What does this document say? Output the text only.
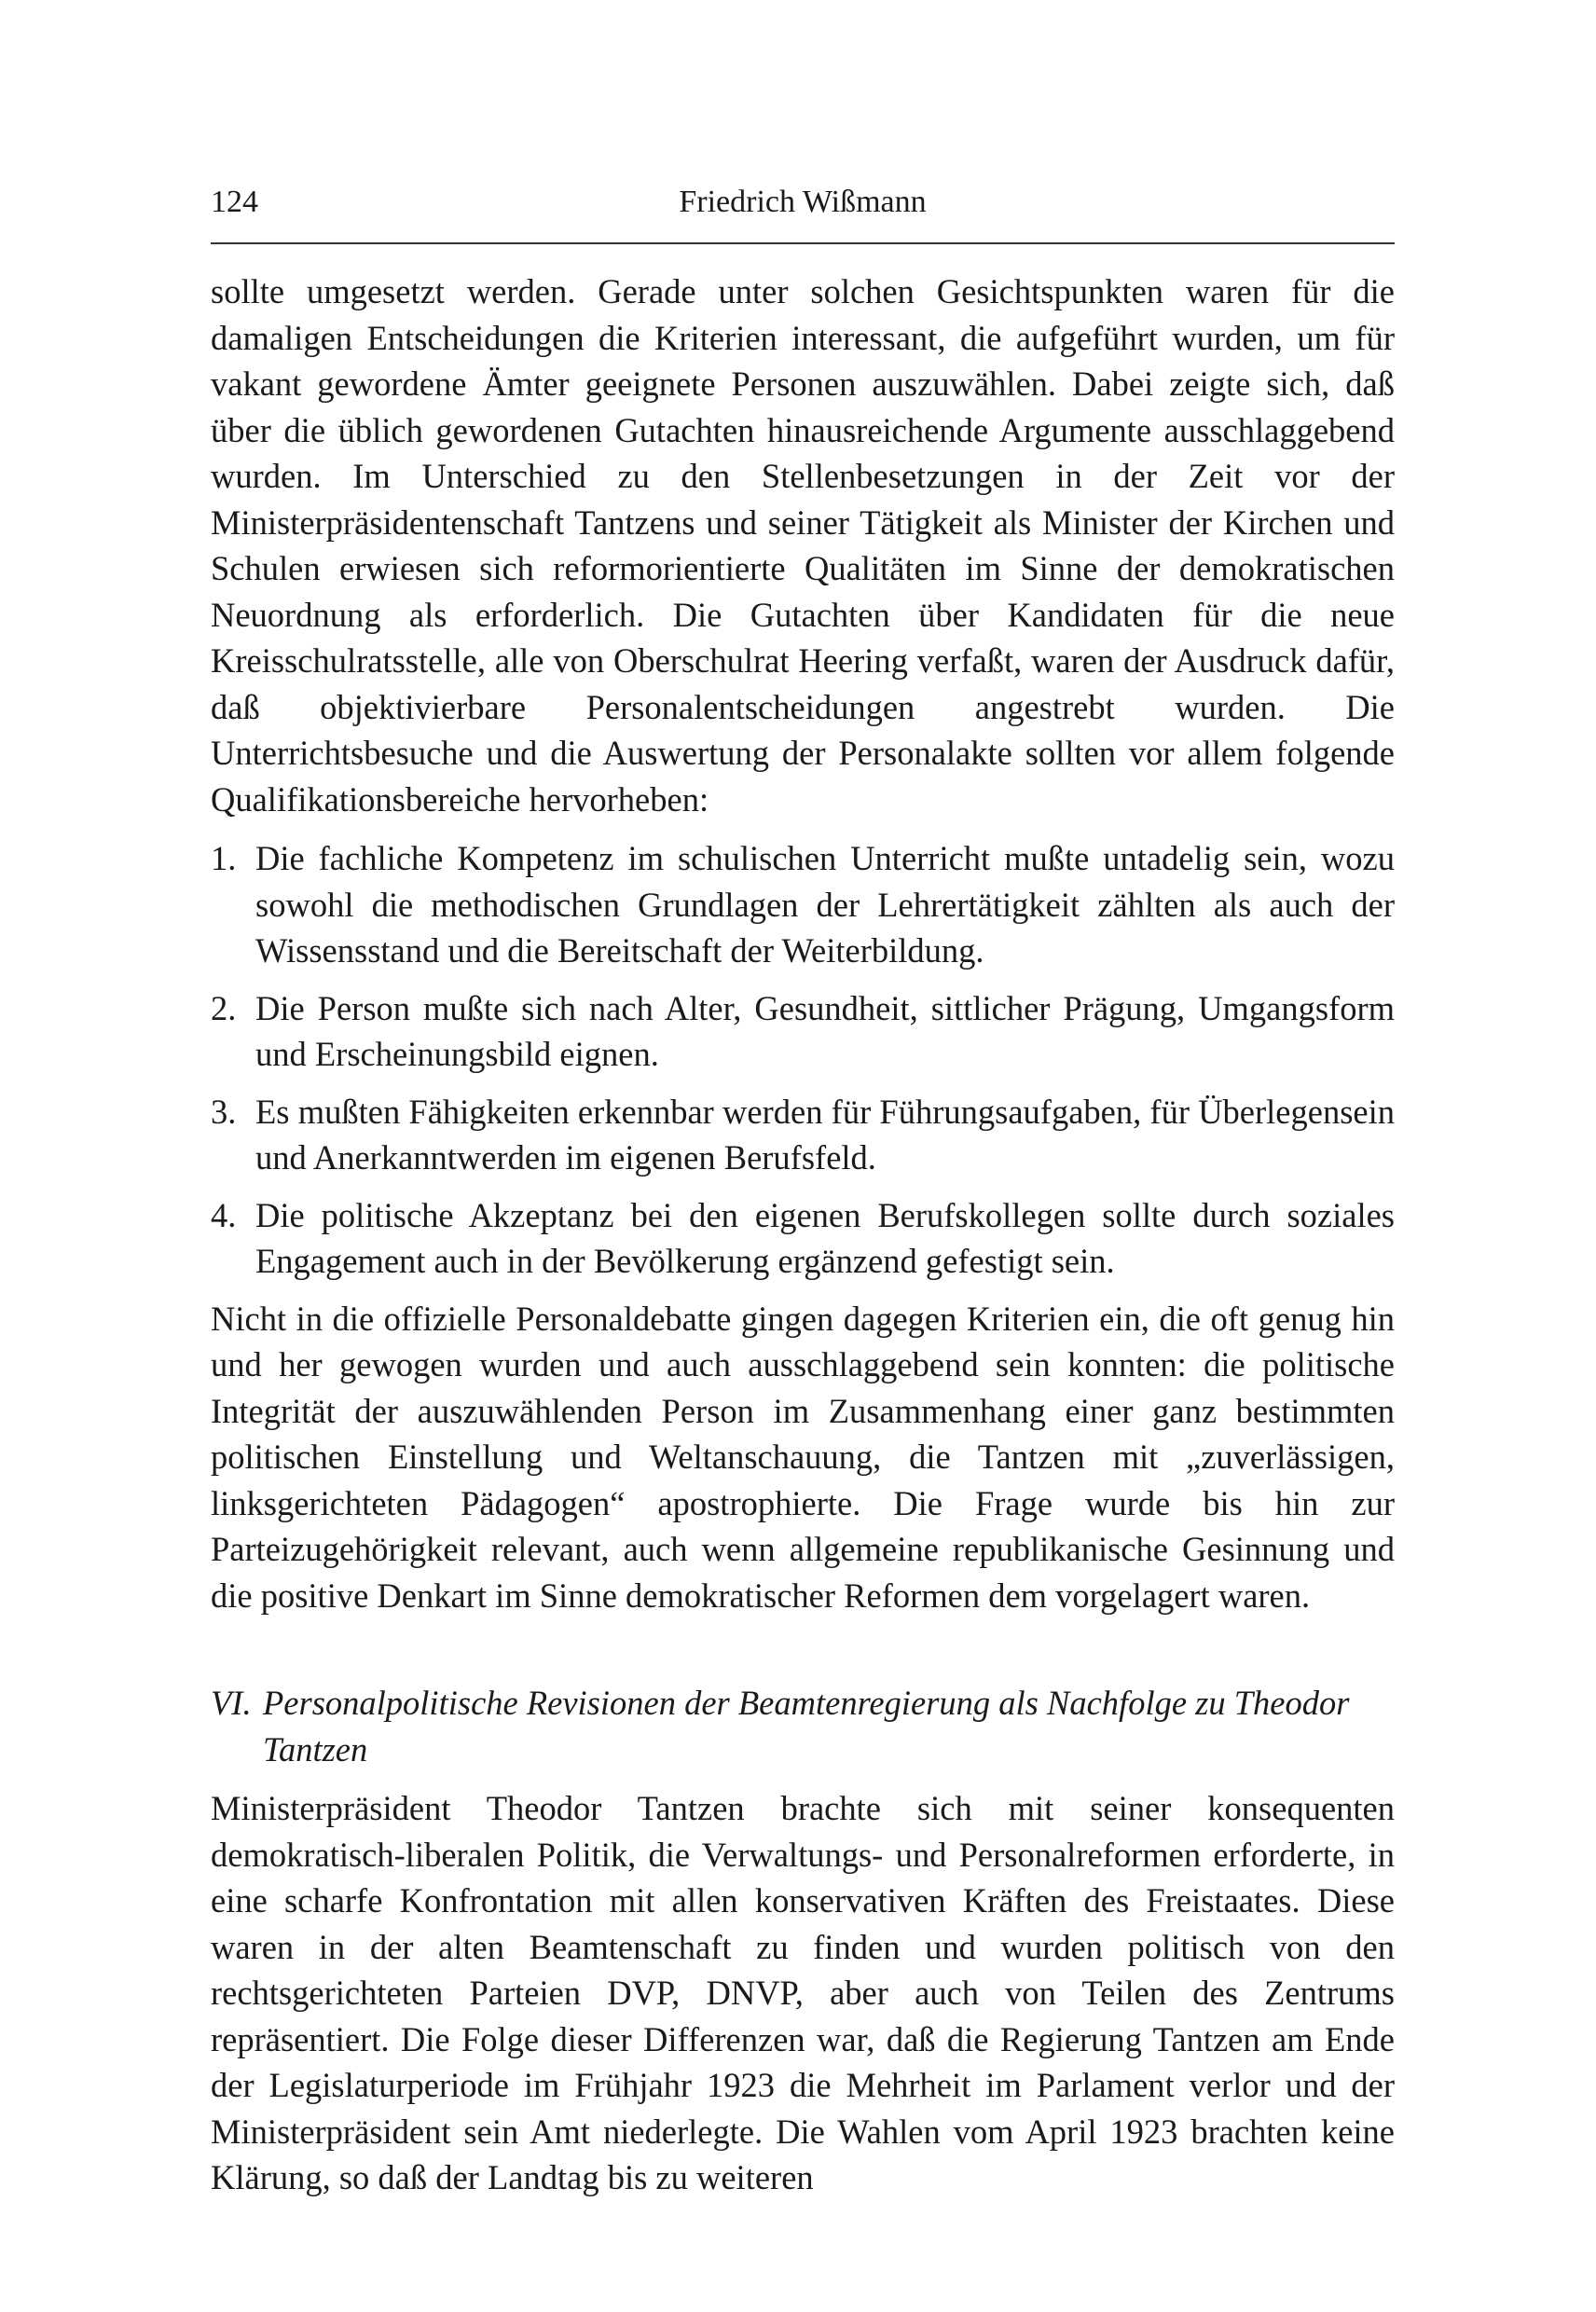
124	Friedrich Wißmann

sollte umgesetzt werden. Gerade unter solchen Gesichtspunkten waren für die damaligen Entscheidungen die Kriterien interessant, die aufgeführt wurden, um für vakant gewordene Ämter geeignete Personen auszuwählen. Dabei zeigte sich, daß über die üblich gewordenen Gutachten hinausreichende Argumente ausschlaggebend wurden. Im Unterschied zu den Stellenbesetzungen in der Zeit vor der Ministerpräsidentenschaft Tantzens und seiner Tätigkeit als Minister der Kirchen und Schulen erwiesen sich reformorientierte Qualitäten im Sinne der demokratischen Neuordnung als erforderlich. Die Gutachten über Kandidaten für die neue Kreisschulratsstelle, alle von Oberschulrat Heering verfaßt, waren der Ausdruck dafür, daß objektivierbare Personalentscheidungen angestrebt wurden. Die Unterrichtsbesuche und die Auswertung der Personalakte sollten vor allem folgende Qualifikationsbereiche hervorheben:

1. Die fachliche Kompetenz im schulischen Unterricht mußte untadelig sein, wozu sowohl die methodischen Grundlagen der Lehrertätigkeit zählten als auch der Wissensstand und die Bereitschaft der Weiterbildung.
2. Die Person mußte sich nach Alter, Gesundheit, sittlicher Prägung, Umgangsform und Erscheinungsbild eignen.
3. Es mußten Fähigkeiten erkennbar werden für Führungsaufgaben, für Überlegensein und Anerkanntwerden im eigenen Berufsfeld.
4. Die politische Akzeptanz bei den eigenen Berufskollegen sollte durch soziales Engagement auch in der Bevölkerung ergänzend gefestigt sein.

Nicht in die offizielle Personaldebatte gingen dagegen Kriterien ein, die oft genug hin und her gewogen wurden und auch ausschlaggebend sein konnten: die politische Integrität der auszuwählenden Person im Zusammenhang einer ganz bestimmten politischen Einstellung und Weltanschauung, die Tantzen mit „zuverlässigen, linksgerichteten Pädagogen“ apostrophierte. Die Frage wurde bis hin zur Parteizugehörigkeit relevant, auch wenn allgemeine republikanische Gesinnung und die positive Denkart im Sinne demokratischer Reformen dem vorgelagert waren.

VI. Personalpolitische Revisionen der Beamtenregierung als Nachfolge zu Theodor Tantzen

Ministerpräsident Theodor Tantzen brachte sich mit seiner konsequenten demokratisch-liberalen Politik, die Verwaltungs- und Personalreformen erforderte, in eine scharfe Konfrontation mit allen konservativen Kräften des Freistaates. Diese waren in der alten Beamtenschaft zu finden und wurden politisch von den rechtsgerichteten Parteien DVP, DNVP, aber auch von Teilen des Zentrums repräsentiert. Die Folge dieser Differenzen war, daß die Regierung Tantzen am Ende der Legislaturperiode im Frühjahr 1923 die Mehrheit im Parlament verlor und der Ministerpräsident sein Amt niederlegte. Die Wahlen vom April 1923 brachten keine Klärung, so daß der Landtag bis zu weiteren
